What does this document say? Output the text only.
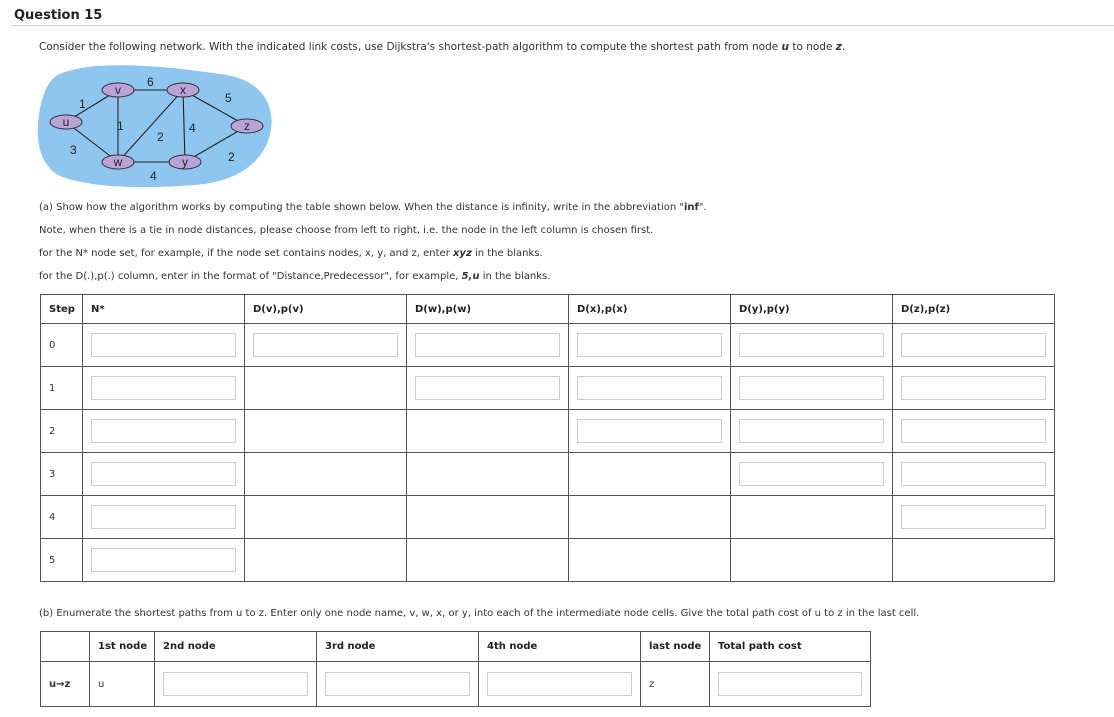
Question 15
Consider the following network. With the indicated link costs, use Dijkstra's shortest-path algorithm to compute the shortest path from node u to node z.
1
3
6
1
2
4
4
5
2
u
v
w
x
y
z
(a) Show how the algorithm works by computing the table shown below. When the distance is infinity, write in the abbreviation "inf".
Note, when there is a tie in node distances, please choose from left to right, i.e. the node in the left column is chosen first.
for the N* node set, for example, if the node set contains nodes, x, y, and z, enter xyz in the blanks.
for the D(.),p(.) column, enter in the format of "Distance,Predecessor", for example, 5,u in the blanks.
Step	N*	D(v),p(v)	D(w),p(w)	D(x),p(x)	D(y),p(y)	D(z),p(z)
0	

1	

2	

3	

4	

5	

(b) Enumerate the shortest paths from u to z. Enter only one node name, v, w, x, or y, into each of the intermediate node cells. Give the total path cost of u to z in the last cell.
	1st node	2nd node	3rd node	4th node	last node	Total path cost
u→z	u				z	
